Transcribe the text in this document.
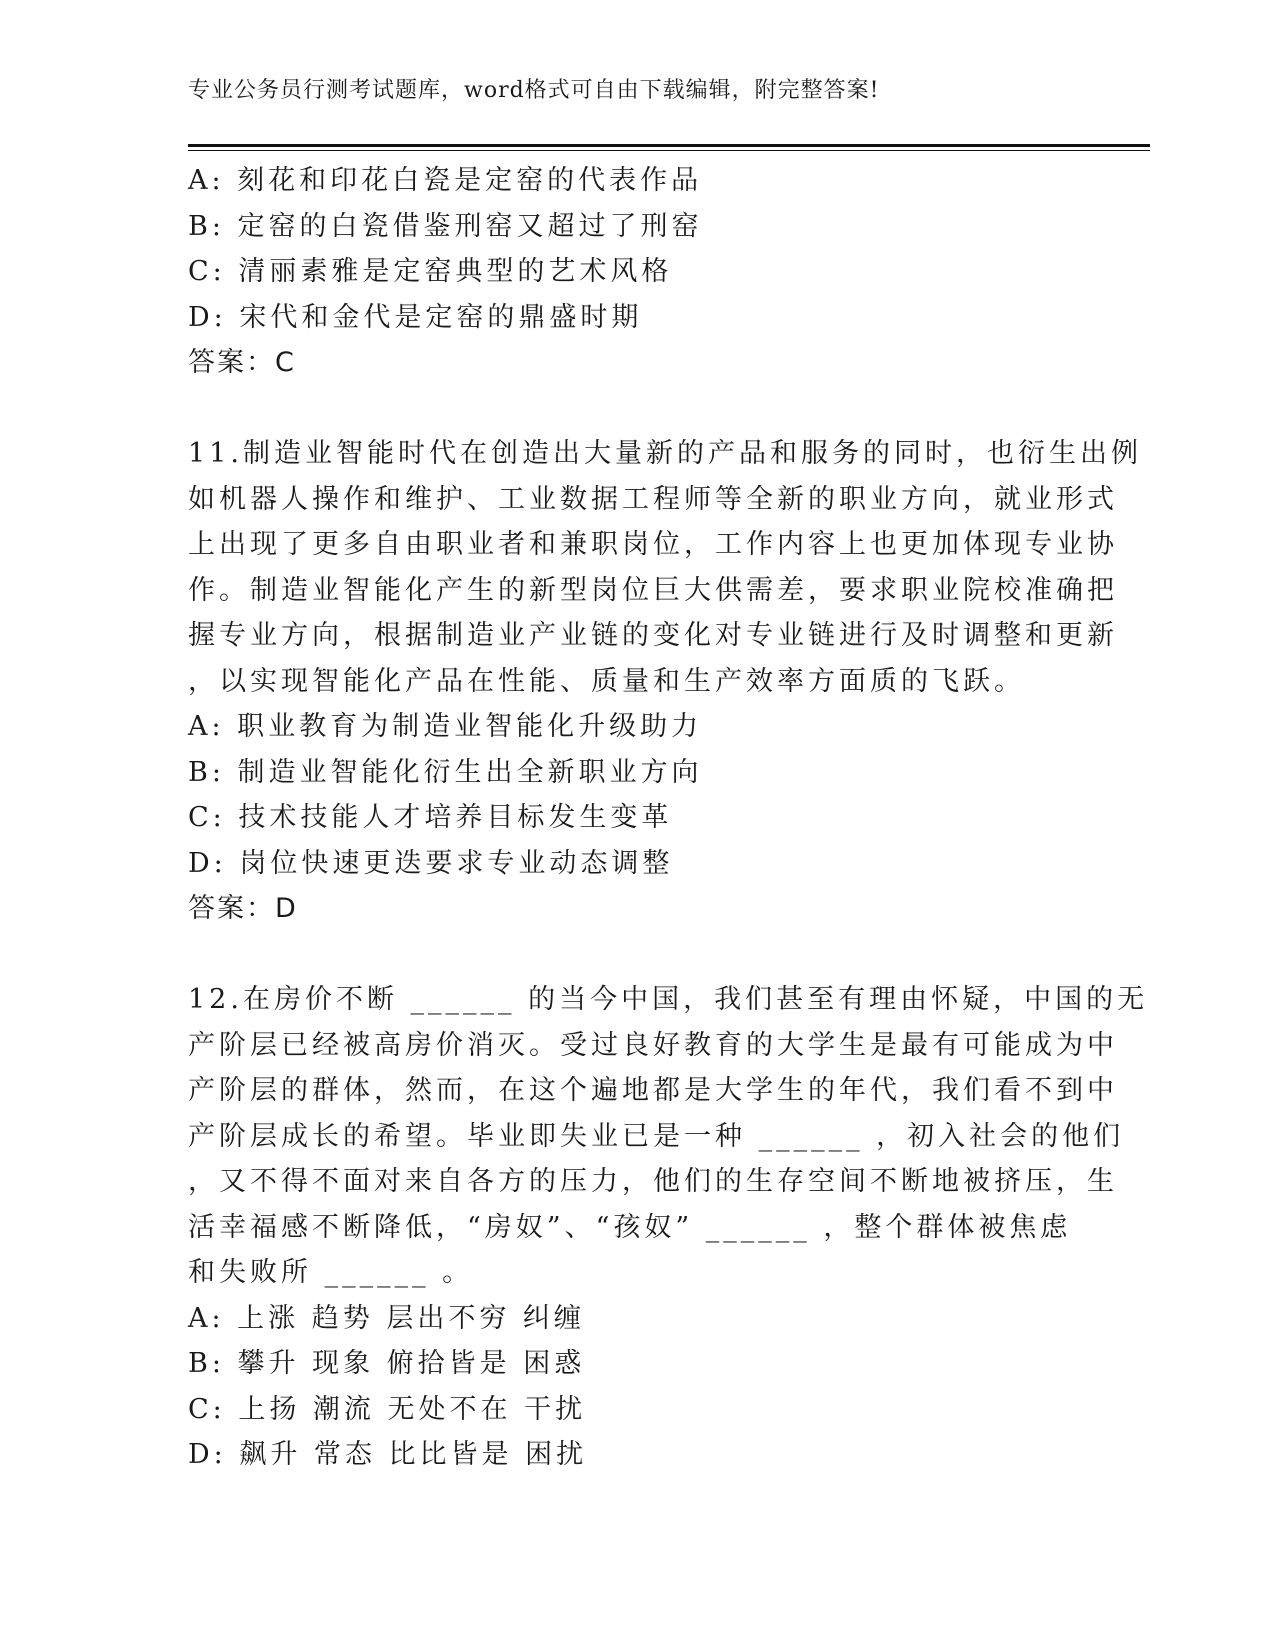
专业公务员行测考试题库，word格式可自由下载编辑，附完整答案!
A: 刻花和印花白瓷是定窑的代表作品
B: 定窑的白瓷借鉴刑窑又超过了刑窑
C: 清丽素雅是定窑典型的艺术风格
D: 宋代和金代是定窑的鼎盛时期
答案：C
11.制造业智能时代在创造出大量新的产品和服务的同时，也衍生出例
如机器人操作和维护、工业数据工程师等全新的职业方向，就业形式
上出现了更多自由职业者和兼职岗位，工作内容上也更加体现专业协
作。制造业智能化产生的新型岗位巨大供需差，要求职业院校准确把
握专业方向，根据制造业产业链的变化对专业链进行及时调整和更新
，以实现智能化产品在性能、质量和生产效率方面质的飞跃。
A: 职业教育为制造业智能化升级助力
B: 制造业智能化衍生出全新职业方向
C: 技术技能人才培养目标发生变革
D: 岗位快速更迭要求专业动态调整
答案：D
12.在房价不断 ______ 的当今中国，我们甚至有理由怀疑，中国的无
产阶层已经被高房价消灭。受过良好教育的大学生是最有可能成为中
产阶层的群体，然而，在这个遍地都是大学生的年代，我们看不到中
产阶层成长的希望。毕业即失业已是一种 ______ ，初入社会的他们
，又不得不面对来自各方的压力，他们的生存空间不断地被挤压，生
活幸福感不断降低，“房奴”、“孩奴” ______ ，整个群体被焦虑
和失败所 ______ 。
A: 上涨 趋势 层出不穷 纠缠
B: 攀升 现象 俯拾皆是 困惑
C: 上扬 潮流 无处不在 干扰
D: 飙升 常态 比比皆是 困扰
